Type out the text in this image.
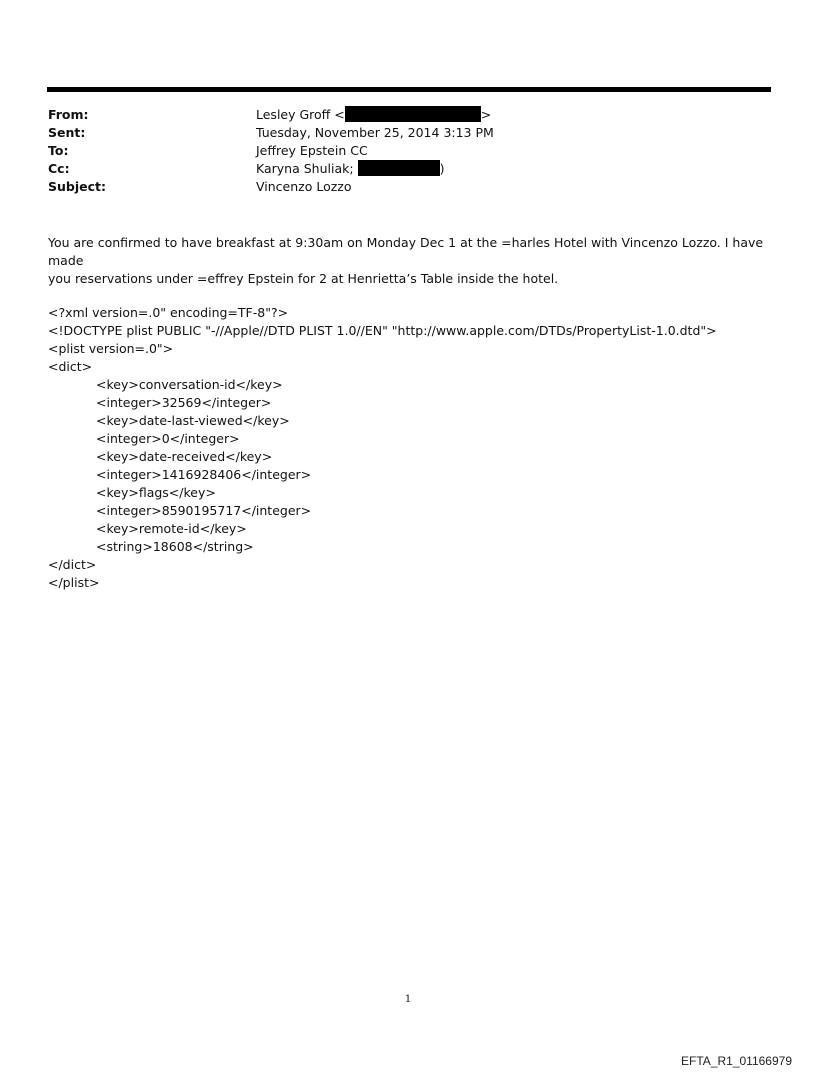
From:	Lesley Groff <	>
Sent:	Tuesday, November 25, 2014 3:13 PM
To:	Jeffrey Epstein CC
Cc:	Karyna Shuliak;	)
Subject:	Vincenzo Lozzo

You are confirmed to have breakfast at 9:30am on Monday Dec 1 at the =harles Hotel with Vincenzo Lozzo. I have made

you reservations under =effrey Epstein for 2 at Henrietta’s Table inside the hotel.

<?xml version=.0" encoding=TF-8"?>
<!DOCTYPE plist PUBLIC "-//Apple//DTD PLIST 1.0//EN" "http://www.apple.com/DTDs/PropertyList-1.0.dtd">
<plist version=.0">
<dict>
<key>conversation-id</key>
<integer>32569</integer>
<key>date-last-viewed</key>
<integer>0</integer>
<key>date-received</key>
<integer>1416928406</integer>
<key>flags</key>
<integer>8590195717</integer>
<key>remote-id</key>
<string>18608</string>
</dict>
</plist>
1
EFTA_R1_01166979
